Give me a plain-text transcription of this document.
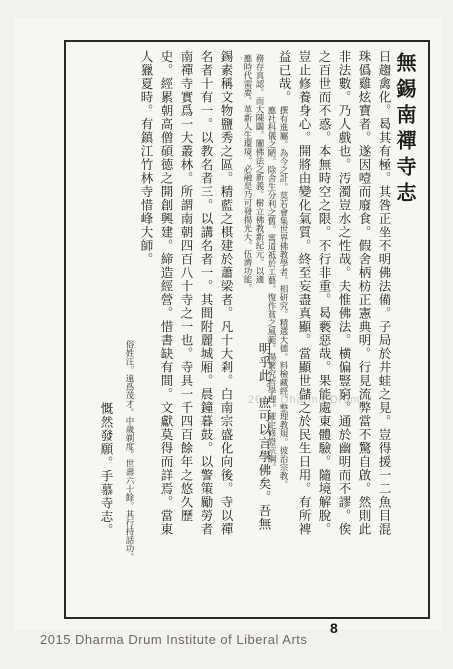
無錫南禪寺志
日趨禽化。曷其有極。其咎正坐不明佛法備。子局於井蛙之見。豈得援一二魚目混
珠僞雞炫寶者。遂因噎而廢食。假舍柄枋正憲典明。行見流弊當不驚自啟。然則此
非法數。乃人戲也。汚濁豈水之性哉。夫惟佛法。横偏豎窮。通於幽明而不謬。俟
之百世而不惑。本無時空之限。不行非重。曷褻惡哉。果能處東體驗。隨境解脫。
豈止修養身心。開將由變化氣質。終至妄盡真顯。當顯世儲之於民生日用。有所裨
益已哉。
撰有進屬。為今之計。莫若會集世界佛教學者。相研究。精選大德。料檢藏經。整理教規。彼治宗教。
應社科儀之陋。除舍生分利之舊。寓道祗於工藝。復作貧之風範。揚繁究哲學理。確定修證宗綱。
務存真認。而大陳闢。闡佛法之新義。樹立佛教新紀元。以適
應時代需要。革新人生環境。必融是乃可發揚光大。伍濟功能。
明乎此。庶可以言學佛矣。吾無
錫素稱文物鹽秀之區。精藍之棋建於蕭梁者。凡十大剎。白南宗盛化向後。寺以禪
名者十有一。以教名者三。以講名者一。其間附麗城厢。晨鐘暮鼓。以警策勵勞者
南禪寺實爲一大叢林。所謂南朝四百八十寺之一也。寺具一千四百餘年之悠久歷
史。經累朝高僧碩德之開創興建。締造經營。惜書缺有間。文獻莫得而詳焉。當東
人獵夏時。有鎮江竹林寺惜峰大師。
俗姓汪。遠爲茂才。中歲剃度。世壽六十餘。其行持話功。
慨然發願。手慕寺志。
2015 Dharma Drum
8
2015 Dharma Drum Institute of Liberal Arts
